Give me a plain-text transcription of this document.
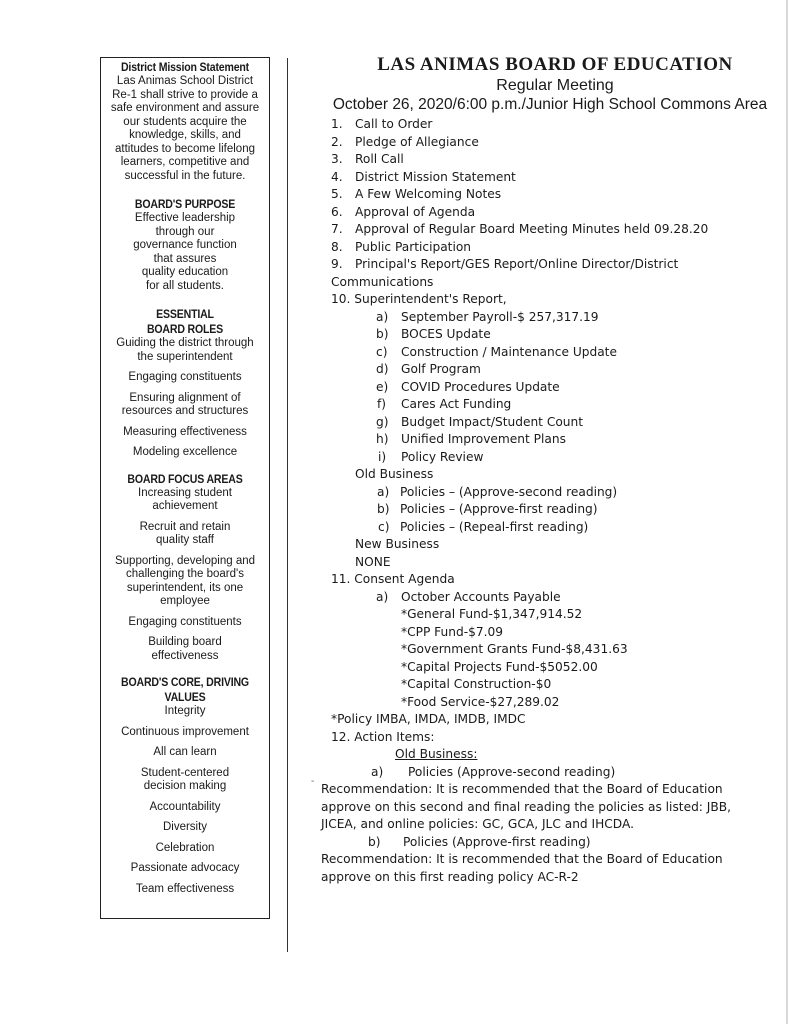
District Mission Statement
Las Animas School District
Re-1 shall strive to provide a
safe environment and assure
our students acquire the
knowledge, skills, and
attitudes to become lifelong
learners, competitive and
successful in the future.
BOARD'S PURPOSE
Effective leadership
through our
governance function
that assures
quality education
for all students.
ESSENTIAL
BOARD ROLES
Guiding the district through
the superintendent
Engaging constituents
Ensuring alignment of
resources and structures
Measuring effectiveness
Modeling excellence
BOARD FOCUS AREAS
Increasing student
achievement
Recruit and retain
quality staff
Supporting, developing and
challenging the board's
superintendent, its one
employee
Engaging constituents
Building board
effectiveness
BOARD'S CORE, DRIVING
VALUES
Integrity
Continuous improvement
All can learn
Student-centered
decision making
Accountability
Diversity
Celebration
Passionate advocacy
Team effectiveness
-
LAS ANIMAS BOARD OF EDUCATION
Regular Meeting
October 26, 2020/6:00 p.m./Junior High School Commons Area
1. Call to Order
2. Pledge of Allegiance
3. Roll Call
4. District Mission Statement
5. A Few Welcoming Notes
6. Approval of Agenda
7. Approval of Regular Board Meeting Minutes held 09.28.20
8. Public Participation
9. Principal's Report/GES Report/Online Director/District
Communications
10. Superintendent's Report,
a) September Payroll-$ 257,317.19
b) BOCES Update
c) Construction / Maintenance Update
d) Golf Program
e) COVID Procedures Update
f) Cares Act Funding
g) Budget Impact/Student Count
h) Unified Improvement Plans
i) Policy Review
Old Business
a) Policies – (Approve-second reading)
b) Policies – (Approve-first reading)
c) Policies – (Repeal-first reading)
New Business
NONE
11. Consent Agenda
a) October Accounts Payable
*General Fund-$1,347,914.52
*CPP Fund-$7.09
*Government Grants Fund-$8,431.63
*Capital Projects Fund-$5052.00
*Capital Construction-$0
*Food Service-$27,289.02
*Policy IMBA, IMDA, IMDB, IMDC
12. Action Items:
Old Business:
a) Policies (Approve-second reading)
Recommendation: It is recommended that the Board of Education
approve on this second and final reading the policies as listed: JBB,
JICEA, and online policies: GC, GCA, JLC and IHCDA.
b) Policies (Approve-first reading)
Recommendation: It is recommended that the Board of Education
approve on this first reading policy AC-R-2
